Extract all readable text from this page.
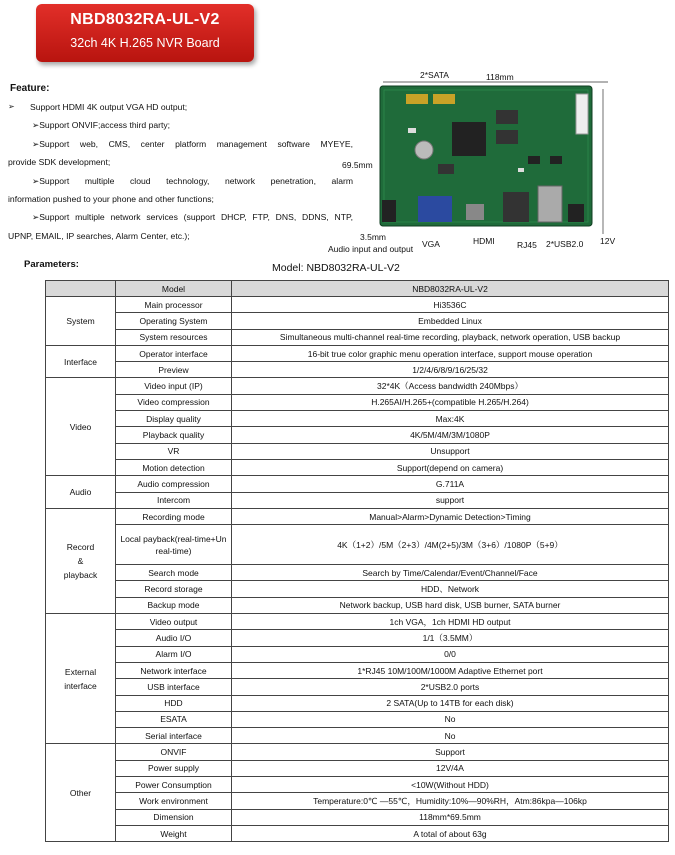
NBD8032RA-UL-V2
32ch 4K H.265 NVR Board
Feature:
➢	Support HDMI 4K output VGA HD output;
➢ Support ONVIF;access third party;
➢Support web, CMS, center platform management software MYEYE,
provide SDK development;
➢Support multiple cloud technology, network penetration, alarm
information pushed to your phone and other functions;
➢Support multiple network services (support DHCP, FTP, DNS, DDNS, NTP,
UPNP, EMAIL, IP searches, Alarm Center, etc.);
2*SATA	118mm
69.5mm
3.5mm
Audio input and output VGA	HDMI	RJ45 2*USB2.0 12V
Parameters:	Model: NBD8032RA-UL-V2
	Model	NBD8032RA-UL-V2

System	Main processor	Hi3536C
	Operating System	Embedded Linux
	System resources	Simultaneous multi-channel real-time recording, playback, network operation, USB backup

Interface	Operator interface	16-bit true color graphic menu operation interface, support mouse operation
	Preview	1/2/4/6/8/9/16/25/32

Video	Video input (IP)	32*4K（Access bandwidth 240Mbps）
	Video compression	H.265AI/H.265+(compatible H.265/H.264)
	Display quality	Max:4K
	Playback quality	4K/5M/4M/3M/1080P
	VR	Unsupport
	Motion detection	Support(depend on camera)

Audio	Audio compression	G.711A
	Intercom	support

Record
&
playback	Recording mode	Manual>Alarm>Dynamic Detection>Timing
	Local payback(real-time+Un real-time)	4K（1+2）/5M（2+3）/4M(2+5)/3M（3+6）/1080P（5+9）
	Search mode	Search by Time/Calendar/Event/Channel/Face
	Record storage	HDD、Network
	Backup mode	Network backup, USB hard disk, USB burner, SATA burner

External
interface	Video output	1ch VGA，1ch HDMI HD output
	Audio I/O	1/1（3.5MM）
	Alarm I/O	0/0
	Network interface	1*RJ45 10M/100M/1000M Adaptive Ethernet port
	USB interface	2*USB2.0 ports
	HDD	2 SATA(Up to 14TB for each disk)
	ESATA	No
	Serial interface	No

Other	ONVIF	Support
	Power supply	12V/4A
	Power Consumption	<10W(Without HDD)
	Work environment	Temperature:0℃ —55℃，Humidity:10%—90%RH，Atm:86kpa—106kp
	Dimension	118mm*69.5mm
	Weight	A total of about 63g
